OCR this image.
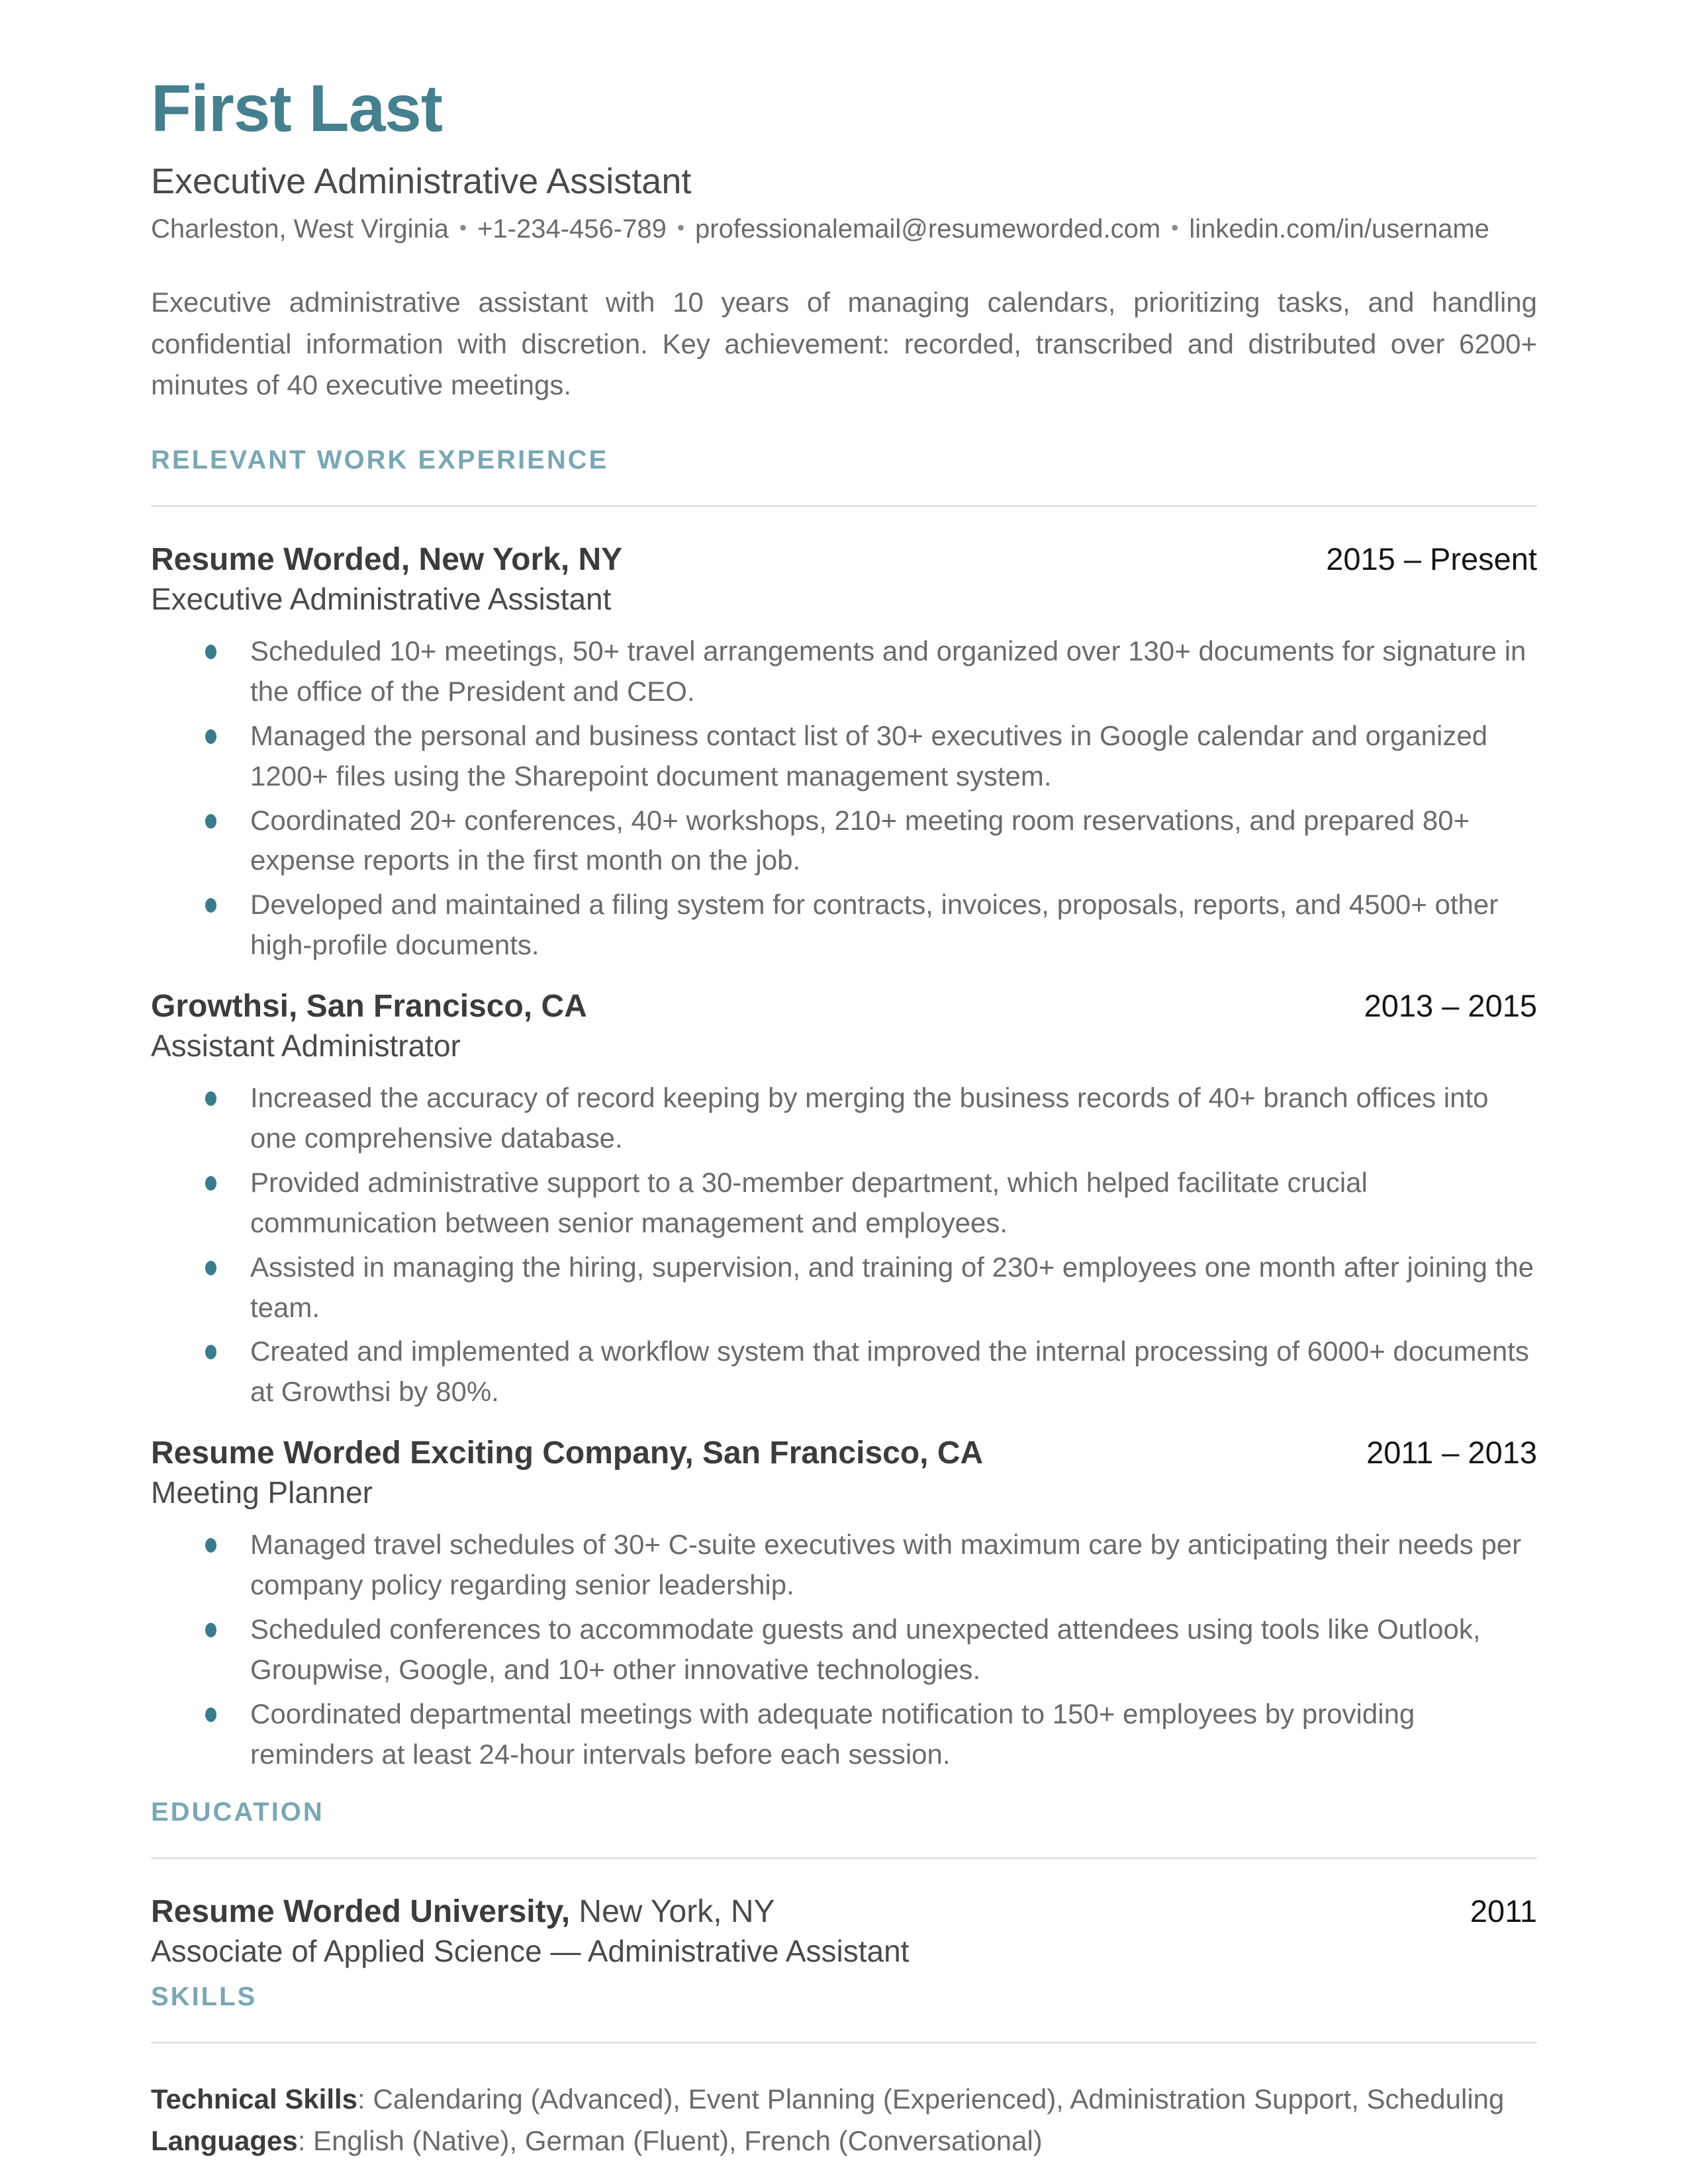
First Last
Executive Administrative Assistant
Charleston, West Virginia • +1-234-456-789 • professionalemail@resumeworded.com • linkedin.com/in/username

Executive administrative assistant with 10 years of managing calendars, prioritizing tasks, and handling confidential information with discretion. Key achievement: recorded, transcribed and distributed over 6200+ minutes of 40 executive meetings.

RELEVANT WORK EXPERIENCE
Resume Worded, New York, NY	2015 – Present
Executive Administrative Assistant
Scheduled 10+ meetings, 50+ travel arrangements and organized over 130+ documents for signature in the office of the President and CEO.
Managed the personal and business contact list of 30+ executives in Google calendar and organized 1200+ files using the Sharepoint document management system.
Coordinated 20+ conferences, 40+ workshops, 210+ meeting room reservations, and prepared 80+ expense reports in the first month on the job.
Developed and maintained a filing system for contracts, invoices, proposals, reports, and 4500+ other high-profile documents.
Growthsi, San Francisco, CA	2013 – 2015
Assistant Administrator
Increased the accuracy of record keeping by merging the business records of 40+ branch offices into one comprehensive database.
Provided administrative support to a 30-member department, which helped facilitate crucial communication between senior management and employees.
Assisted in managing the hiring, supervision, and training of 230+ employees one month after joining the team.
Created and implemented a workflow system that improved the internal processing of 6000+ documents at Growthsi by 80%.
Resume Worded Exciting Company, San Francisco, CA	2011 – 2013
Meeting Planner
Managed travel schedules of 30+ C-suite executives with maximum care by anticipating their needs per company policy regarding senior leadership.
Scheduled conferences to accommodate guests and unexpected attendees using tools like Outlook, Groupwise, Google, and 10+ other innovative technologies.
Coordinated departmental meetings with adequate notification to 150+ employees by providing reminders at least 24-hour intervals before each session.
EDUCATION
Resume Worded University, New York, NY	2011
Associate of Applied Science — Administrative Assistant
SKILLS
Technical Skills: Calendaring (Advanced), Event Planning (Experienced), Administration Support, Scheduling
Languages: English (Native), German (Fluent), French (Conversational)
